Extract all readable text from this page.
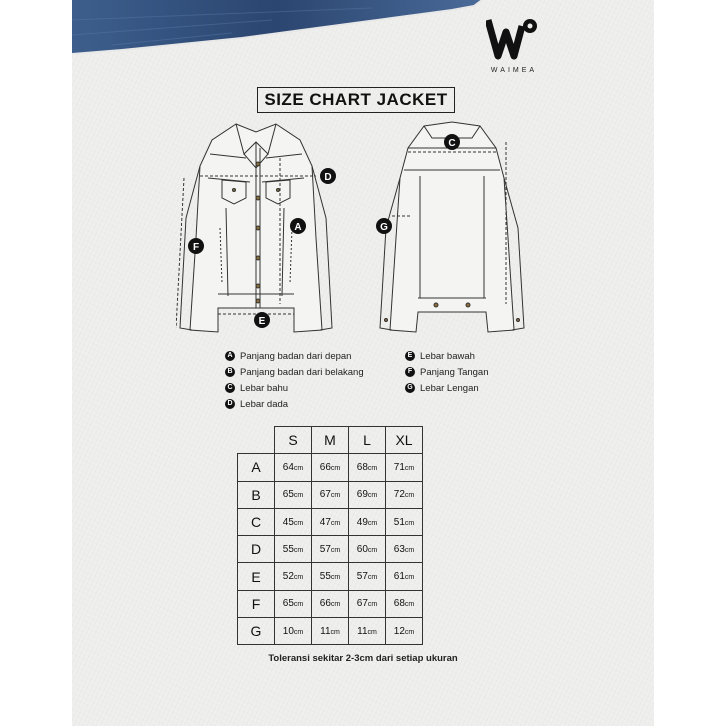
WAIMEA
SIZE CHART JACKET
A
D
E
F
C
G
A Panjang badan dari depan
B Panjang badan dari belakang
C Lebar bahu
D Lebar dada
E Lebar bawah
F Panjang Tangan
G Lebar Lengan
	S	M	L	XL
A	64cm	66cm	68cm	71cm
B	65cm	67cm	69cm	72cm
C	45cm	47cm	49cm	51cm
D	55cm	57cm	60cm	63cm
E	52cm	55cm	57cm	61cm
F	65cm	66cm	67cm	68cm
G	10cm	11cm	11cm	12cm
Toleransi sekitar 2-3cm dari setiap ukuran
